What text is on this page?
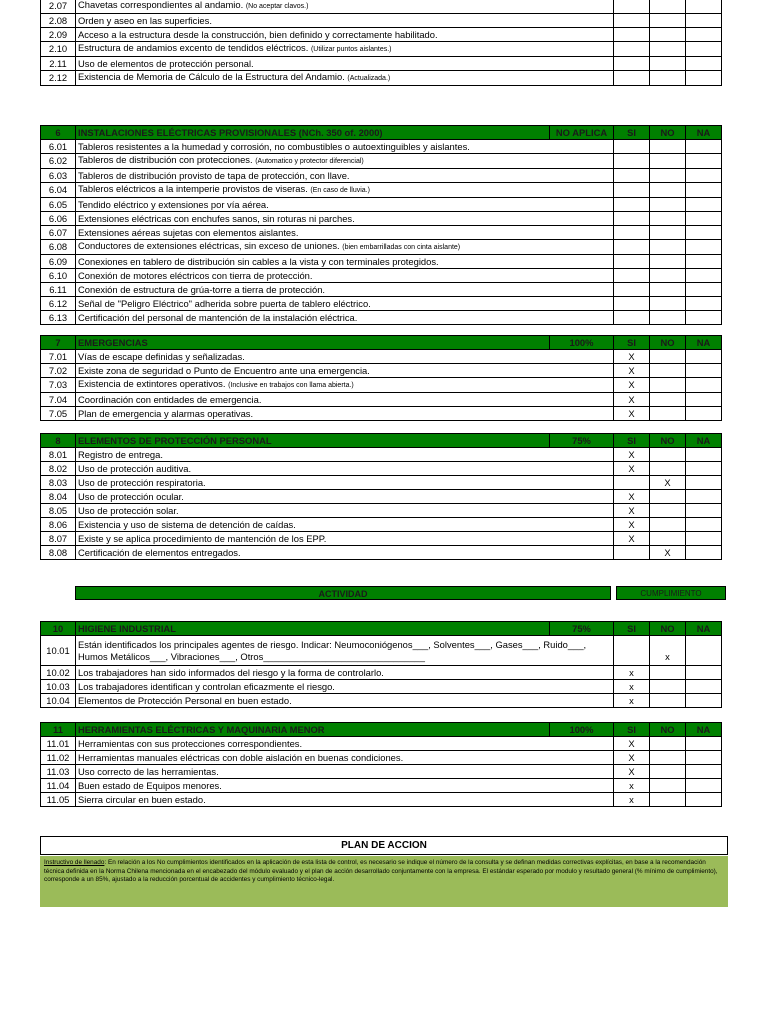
2.07	Chavetas correspondientes al andamio. (No aceptar clavos.)			
2.08	Orden y aseo en las superficies.			
2.09	Acceso a la estructura desde la construcción, bien definido y correctamente habilitado.			
2.10	Estructura de andamios excento de tendidos eléctricos. (Utilizar puntos aislantes.)			
2.11	Uso de elementos de protección personal.			
2.12	Existencia de Memoria de Cálculo de la Estructura del Andamio. (Actualizada.)			
6	INSTALACIONES ELÉCTRICAS PROVISIONALES (NCh. 350 of. 2000)	NO APLICA	SI	NO	NA
6.01	Tableros resistentes a la humedad y corrosión, no combustibles o autoextinguibles y aislantes.				
6.02	Tableros de distribución con protecciones. (Automatico y protector diferencial)				
6.03	Tableros de distribución provisto de tapa de protección, con llave.				
6.04	Tableros eléctricos a la intemperie provistos de viseras. (En caso de lluvia.)				
6.05	Tendido eléctrico y extensiones por vía aérea.				
6.06	Extensiones eléctricas con enchufes sanos, sin roturas ni parches.				
6.07	Extensiones aéreas sujetas con elementos aislantes.				
6.08	Conductores de extensiones eléctricas, sin exceso de uniones. (bien embarrilladas con cinta aislante)				
6.09	Conexiones en tablero de distribución sin cables a la vista y con terminales protegidos.				
6.10	Conexión de motores eléctricos con tierra de protección.				
6.11	Conexión de estructura de grúa-torre a tierra de protección.				
6.12	Señal de "Peligro Eléctrico" adherida sobre puerta de tablero eléctrico.				
6.13	Certificación del personal de mantención de la instalación eléctrica.				
7	EMERGENCIAS	100%	SI	NO	NA
7.01	Vías de escape definidas y señalizadas.		X		
7.02	Existe zona de seguridad o Punto de Encuentro ante una emergencia.		X		
7.03	Existencia de extintores operativos. (Inclusive en trabajos con llama abierta.)		X		
7.04	Coordinación con entidades de emergencia.		X		
7.05	Plan de emergencia y alarmas operativas.		X		
8	ELEMENTOS DE PROTECCIÓN PERSONAL	75%	SI	NO	NA
8.01	Registro de entrega.		X		
8.02	Uso de protección auditiva.		X		
8.03	Uso de protección respiratoria.			X	
8.04	Uso de protección ocular.		X		
8.05	Uso de protección solar.		X		
8.06	Existencia y uso de sistema de detención de caídas.		X		
8.07	Existe y se aplica procedimiento de mantención de los EPP.		X		
8.08	Certificación de elementos entregados.			X	
ACTIVIDAD	CUMPLIMIENTO
10	HIGIENE INDUSTRIAL	75%	SI	NO	NA
10.01	Están identificados los principales agentes de riesgo. Indicar: Neumoconiógenos___, Solventes___, Gases___, Ruido___, Humos Metálicos___, Vibraciones___, Otros_______________________________			x	
10.02	Los trabajadores han sido informados del riesgo y la forma de controlarlo.		x		
10.03	Los trabajadores identifican y controlan eficazmente el riesgo.		x		
10.04	Elementos de Protección Personal en buen estado.		x		
11	HERRAMIENTAS ELÉCTRICAS Y MAQUINARIA MENOR	100%	SI	NO	NA
11.01	Herramientas con sus protecciones correspondientes.		X		
11.02	Herramientas manuales eléctricas con doble aislación en buenas condiciones.		X		
11.03	Uso correcto de las herramientas.		X		
11.04	Buen estado de Equipos menores.		x		
11.05	Sierra circular en buen estado.		x		
PLAN DE ACCION
Instructivo de llenado: En relación a los No cumplimientos identificados en la aplicación de esta lista de control, es necesario se indique el número de la consulta y se definan medidas correctivas explícitas, en base a la recomendación técnica definida en la Norma Chilena mencionada en el encabezado del módulo evaluado y el plan de acción desarrollado conjuntamente con la empresa. El estándar esperado por modulo y resultado general (% mínimo de cumplimiento), corresponde a un 85%, ajustado a la reducción porcentual de accidentes y cumplimiento técnico-legal.
